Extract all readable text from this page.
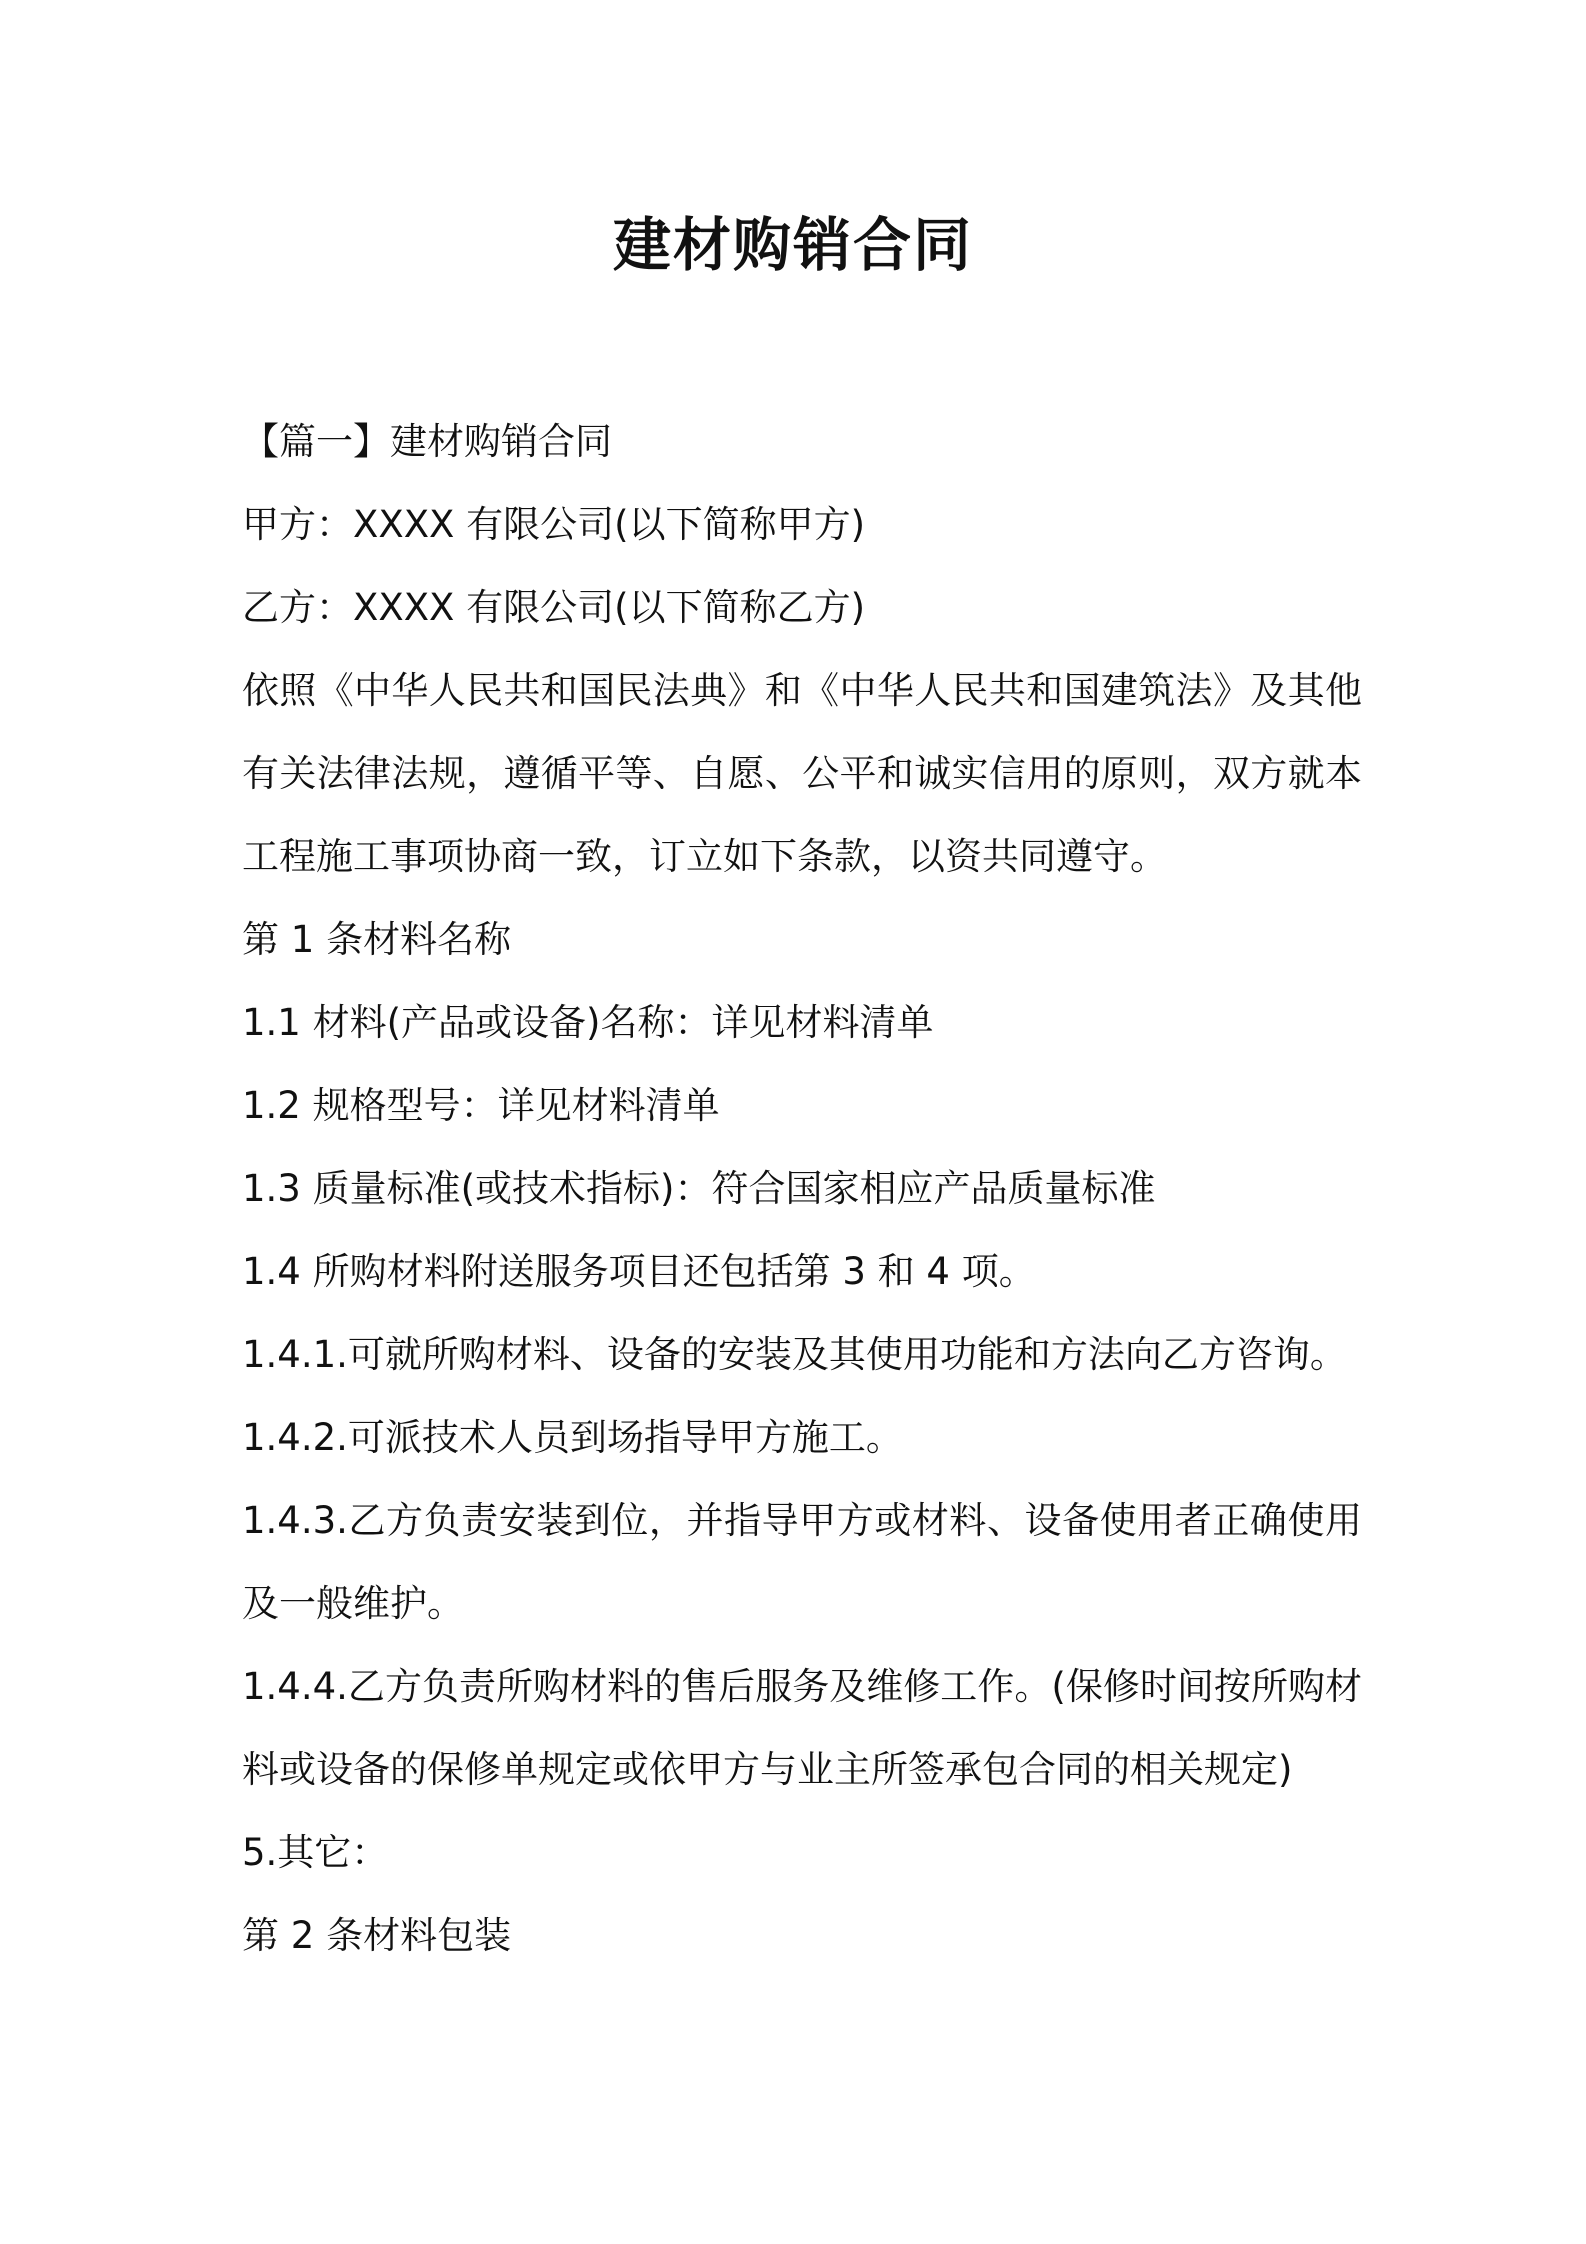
建材购销合同

【篇一】建材购销合同

甲方：XXXX 有限公司(以下简称甲方)

乙方：XXXX 有限公司(以下简称乙方)

依照《中华人民共和国民法典》和《中华人民共和国建筑法》及其他有关法律法规，遵循平等、自愿、公平和诚实信用的原则，双方就本工程施工事项协商一致，订立如下条款，以资共同遵守。

第 1 条材料名称

1.1 材料(产品或设备)名称：详见材料清单

1.2 规格型号：详见材料清单

1.3 质量标准(或技术指标)：符合国家相应产品质量标准

1.4 所购材料附送服务项目还包括第 3 和 4 项。

1.4.1.可就所购材料、设备的安装及其使用功能和方法向乙方咨询。

1.4.2.可派技术人员到场指导甲方施工。

1.4.3.乙方负责安装到位，并指导甲方或材料、设备使用者正确使用及一般维护。

1.4.4.乙方负责所购材料的售后服务及维修工作。(保修时间按所购材料或设备的保修单规定或依甲方与业主所签承包合同的相关规定)

5.其它：

第 2 条材料包装
